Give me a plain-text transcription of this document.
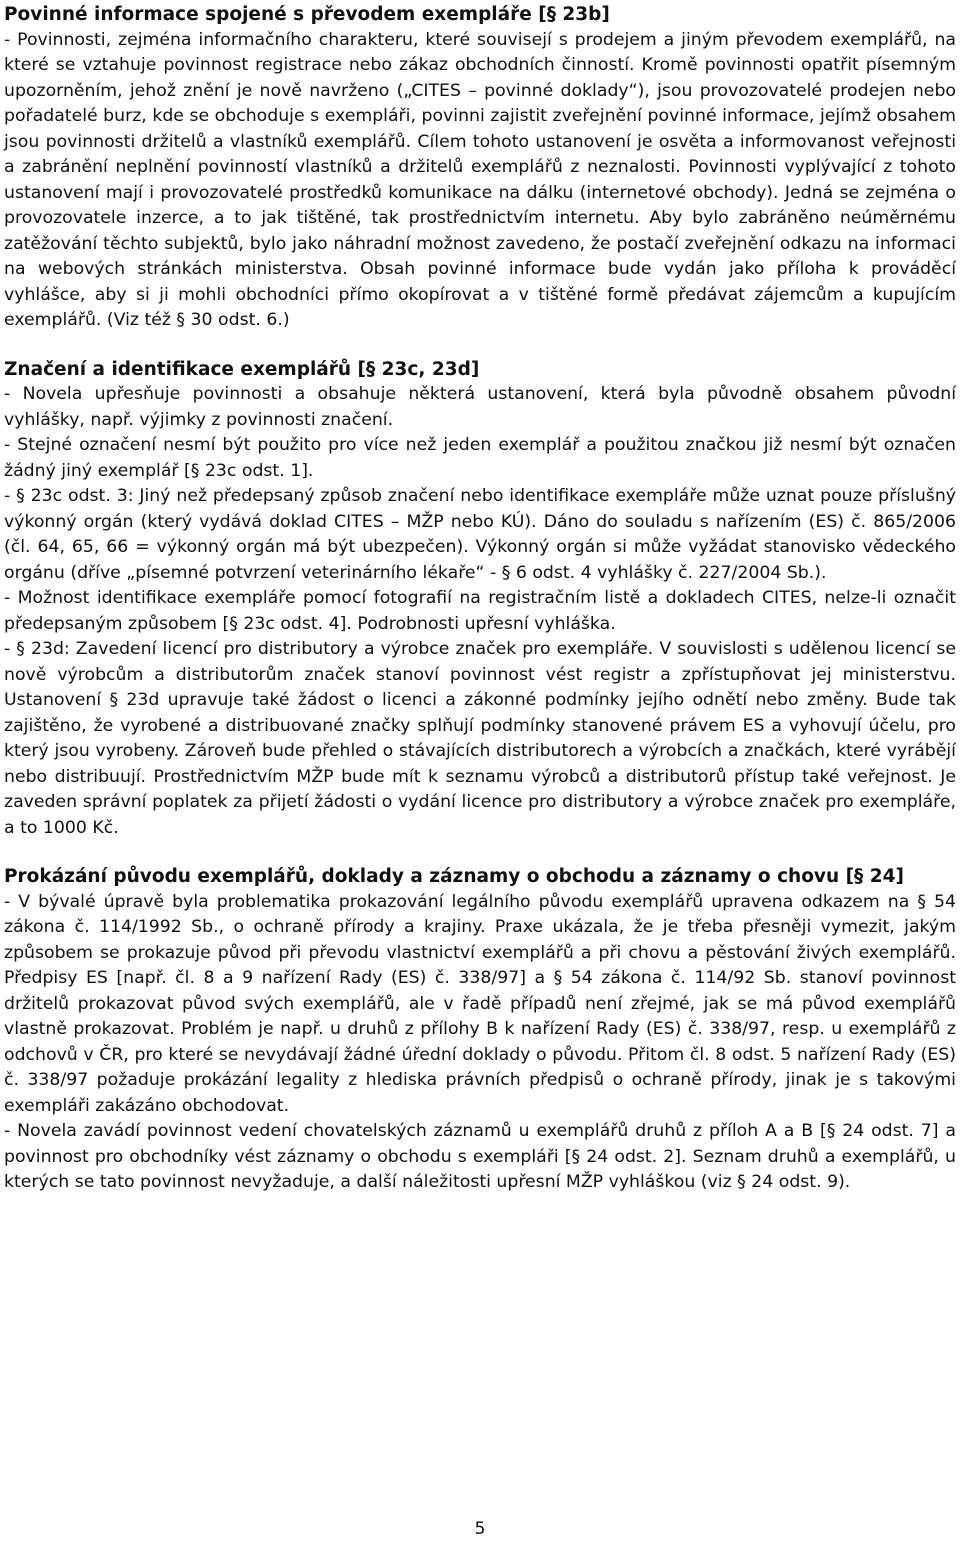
Povinné informace spojené s převodem exempláře [§ 23b]

- Povinnosti, zejména informačního charakteru, které souvisejí s prodejem a jiným převodem exemplářů, na které se vztahuje povinnost registrace nebo zákaz obchodních činností. Kromě povinnosti opatřit písemným upozorněním, jehož znění je nově navrženo („CITES – povinné doklady“), jsou provozovatelé prodejen nebo pořadatelé burz, kde se obchoduje s exempláři, povinni zajistit zveřejnění povinné informace, jejímž obsahem jsou povinnosti držitelů a vlastníků exemplářů. Cílem tohoto ustanovení je osvěta a informovanost veřejnosti a zabránění neplnění povinností vlastníků a držitelů exemplářů z neznalosti. Povinnosti vyplývající z tohoto ustanovení mají i provozovatelé prostředků komunikace na dálku (internetové obchody). Jedná se zejména o provozovatele inzerce, a to jak tištěné, tak prostřednictvím internetu. Aby bylo zabráněno neúměrnému zatěžování těchto subjektů, bylo jako náhradní možnost zavedeno, že postačí zveřejnění odkazu na informaci na webových stránkách ministerstva. Obsah povinné informace bude vydán jako příloha k prováděcí vyhlášce, aby si ji mohli obchodníci přímo okopírovat a v tištěné formě předávat zájemcům a kupujícím exemplářů. (Viz též § 30 odst. 6.)

Značení a identifikace exemplářů [§ 23c, 23d]

- Novela upřesňuje povinnosti a obsahuje některá ustanovení, která byla původně obsahem původní vyhlášky, např. výjimky z povinnosti značení.

- Stejné označení nesmí být použito pro více než jeden exemplář a použitou značkou již nesmí být označen žádný jiný exemplář [§ 23c odst. 1].

- § 23c odst. 3: Jiný než předepsaný způsob značení nebo identifikace exempláře může uznat pouze příslušný výkonný orgán (který vydává doklad CITES – MŽP nebo KÚ). Dáno do souladu s nařízením (ES) č. 865/2006 (čl. 64, 65, 66 = výkonný orgán má být ubezpečen). Výkonný orgán si může vyžádat stanovisko vědeckého orgánu (dříve „písemné potvrzení veterinárního lékaře“ - § 6 odst. 4 vyhlášky č. 227/2004 Sb.).

- Možnost identifikace exempláře pomocí fotografií na registračním listě a dokladech CITES, nelze-li označit předepsaným způsobem [§ 23c odst. 4]. Podrobnosti upřesní vyhláška.

- § 23d: Zavedení licencí pro distributory a výrobce značek pro exempláře. V souvislosti s udělenou licencí se nově výrobcům a distributorům značek stanoví povinnost vést registr a zpřístupňovat jej ministerstvu. Ustanovení § 23d upravuje také žádost o licenci a zákonné podmínky jejího odnětí nebo změny. Bude tak zajištěno, že vyrobené a distribuované značky splňují podmínky stanovené právem ES a vyhovují účelu, pro který jsou vyrobeny. Zároveň bude přehled o stávajících distributorech a výrobcích a značkách, které vyrábějí nebo distribuují. Prostřednictvím MŽP bude mít k seznamu výrobců a distributorů přístup také veřejnost. Je zaveden správní poplatek za přijetí žádosti o vydání licence pro distributory a výrobce značek pro exempláře, a to 1000 Kč.

Prokázání původu exemplářů, doklady a záznamy o obchodu a záznamy o chovu [§ 24]

- V bývalé úpravě byla problematika prokazování legálního původu exemplářů upravena odkazem na § 54 zákona č. 114/1992 Sb., o ochraně přírody a krajiny. Praxe ukázala, že je třeba přesněji vymezit, jakým způsobem se prokazuje původ při převodu vlastnictví exemplářů a při chovu a pěstování živých exemplářů. Předpisy ES [např. čl. 8 a 9 nařízení Rady (ES) č. 338/97] a § 54 zákona č. 114/92 Sb. stanoví povinnost držitelů prokazovat původ svých exemplářů, ale v řadě případů není zřejmé, jak se má původ exemplářů vlastně prokazovat. Problém je např. u druhů z přílohy B k nařízení Rady (ES) č. 338/97, resp. u exemplářů z odchovů v ČR, pro které se nevydávají žádné úřední doklady o původu. Přitom čl. 8 odst. 5 nařízení Rady (ES) č. 338/97 požaduje prokázání legality z hlediska právních předpisů o ochraně přírody, jinak je s takovými exempláři zakázáno obchodovat.

- Novela zavádí povinnost vedení chovatelských záznamů u exemplářů druhů z příloh A a B [§ 24 odst. 7] a povinnost pro obchodníky vést záznamy o obchodu s exempláři [§ 24 odst. 2]. Seznam druhů a exemplářů, u kterých se tato povinnost nevyžaduje, a další náležitosti upřesní MŽP vyhláškou (viz § 24 odst. 9).

5
